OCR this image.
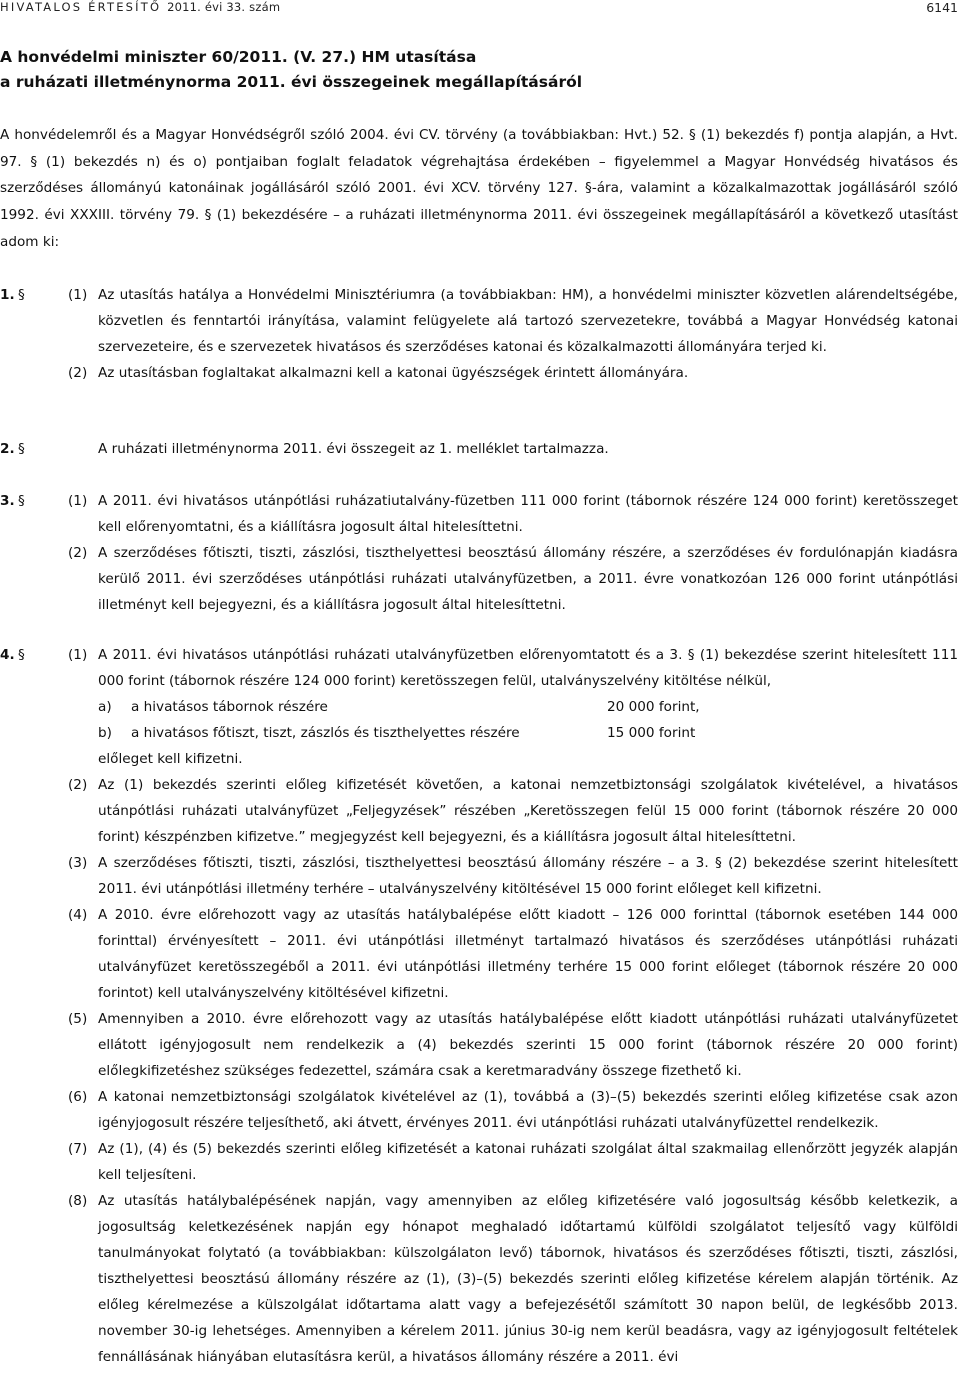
HIVATALOS ÉRTESÍTŐ 2011. évi 33. szám	6141
A honvédelmi miniszter 60/2011. (V. 27.) HM utasítása
a ruházati illetménynorma 2011. évi összegeinek megállapításáról
A honvédelemről és a Magyar Honvédségről szóló 2004. évi CV. törvény (a továbbiakban: Hvt.) 52. § (1) bekezdés f) pontja alapján, a Hvt. 97. § (1) bekezdés n) és o) pontjaiban foglalt feladatok végrehajtása érdekében – figyelemmel a Magyar Honvédség hivatásos és szerződéses állományú katonáinak jogállásáról szóló 2001. évi XCV. törvény 127. §-ára, valamint a közalkalmazottak jogállásáról szóló 1992. évi XXXIII. törvény 79. § (1) bekezdésére – a ruházati illetménynorma 2011. évi összegeinek megállapításáról a következő utasítást adom ki:
1. §	(1) Az utasítás hatálya a Honvédelmi Minisztériumra (a továbbiakban: HM), a honvédelmi miniszter közvetlen alárendeltségébe, közvetlen és fenntartói irányítása, valamint felügyelete alá tartozó szervezetekre, továbbá a Magyar Honvédség katonai szervezeteire, és e szervezetek hivatásos és szerződéses katonai és közalkalmazotti állományára terjed ki.
(2) Az utasításban foglaltakat alkalmazni kell a katonai ügyészségek érintett állományára.
2. §	A ruházati illetménynorma 2011. évi összegeit az 1. melléklet tartalmazza.
3. §	(1) A 2011. évi hivatásos utánpótlási ruházatiutalvány-füzetben 111 000 forint (tábornok részére 124 000 forint) keretösszeget kell előrenyomtatni, és a kiállításra jogosult által hitelesíttetni.
(2) A szerződéses főtiszti, tiszti, zászlósi, tiszthelyettesi beosztású állomány részére, a szerződéses év fordulónapján kiadásra kerülő 2011. évi szerződéses utánpótlási ruházati utalványfüzetben, a 2011. évre vonatkozóan 126 000 forint utánpótlási illetményt kell bejegyezni, és a kiállításra jogosult által hitelesíttetni.
4. §	(1) A 2011. évi hivatásos utánpótlási ruházati utalványfüzetben előrenyomtatott és a 3. § (1) bekezdése szerint hitelesített 111 000 forint (tábornok részére 124 000 forint) keretösszegen felül, utalványszelvény kitöltése nélkül,
a) a hivatásos tábornok részére	20 000 forint,
b) a hivatásos főtiszt, tiszt, zászlós és tiszthelyettes részére	15 000 forint
előleget kell kifizetni.
(2) Az (1) bekezdés szerinti előleg kifizetését követően, a katonai nemzetbiztonsági szolgálatok kivételével, a hivatásos utánpótlási ruházati utalványfüzet „Feljegyzések” részében „Keretösszegen felül 15 000 forint (tábornok részére 20 000 forint) készpénzben kifizetve.” megjegyzést kell bejegyezni, és a kiállításra jogosult által hitelesíttetni.
(3) A szerződéses főtiszti, tiszti, zászlósi, tiszthelyettesi beosztású állomány részére – a 3. § (2) bekezdése szerint hitelesített 2011. évi utánpótlási illetmény terhére – utalványszelvény kitöltésével 15 000 forint előleget kell kifizetni.
(4) A 2010. évre előrehozott vagy az utasítás hatálybalépése előtt kiadott – 126 000 forinttal (tábornok esetében 144 000 forinttal) érvényesített – 2011. évi utánpótlási illetményt tartalmazó hivatásos és szerződéses utánpótlási ruházati utalványfüzet keretösszegéből a 2011. évi utánpótlási illetmény terhére 15 000 forint előleget (tábornok részére 20 000 forintot) kell utalványszelvény kitöltésével kifizetni.
(5) Amennyiben a 2010. évre előrehozott vagy az utasítás hatálybalépése előtt kiadott utánpótlási ruházati utalványfüzetet ellátott igényjogosult nem rendelkezik a (4) bekezdés szerinti 15 000 forint (tábornok részére 20 000 forint) előlegkifizetéshez szükséges fedezettel, számára csak a keretmaradvány összege fizethető ki.
(6) A katonai nemzetbiztonsági szolgálatok kivételével az (1), továbbá a (3)–(5) bekezdés szerinti előleg kifizetése csak azon igényjogosult részére teljesíthető, aki átvett, érvényes 2011. évi utánpótlási ruházati utalványfüzettel rendelkezik.
(7) Az (1), (4) és (5) bekezdés szerinti előleg kifizetését a katonai ruházati szolgálat által szakmailag ellenőrzött jegyzék alapján kell teljesíteni.
(8) Az utasítás hatálybalépésének napján, vagy amennyiben az előleg kifizetésére való jogosultság később keletkezik, a jogosultság keletkezésének napján egy hónapot meghaladó időtartamú külföldi szolgálatot teljesítő vagy külföldi tanulmányokat folytató (a továbbiakban: külszolgálaton levő) tábornok, hivatásos és szerződéses főtiszti, tiszti, zászlósi, tiszthelyettesi beosztású állomány részére az (1), (3)–(5) bekezdés szerinti előleg kifizetése kérelem alapján történik. Az előleg kérelmezése a külszolgálat időtartama alatt vagy a befejezésétől számított 30 napon belül, de legkésőbb 2013. november 30-ig lehetséges. Amennyiben a kérelem 2011. június 30-ig nem kerül beadásra, vagy az igényjogosult feltételek fennállásának hiányában elutasításra kerül, a hivatásos állomány részére a 2011. évi
